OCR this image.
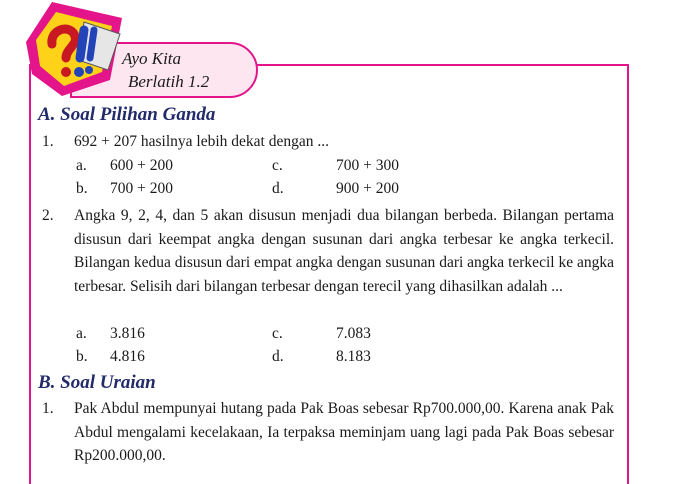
Ayo Kita
Berlatih 1.2
A. Soal Pilihan Ganda
1. 692 + 207 hasilnya lebih dekat dengan ...
a. 600 + 200	c.	700 + 300
b. 700 + 200	d.	900 + 200
2. Angka 9, 2, 4, dan 5 akan disusun menjadi dua bilangan berbeda. Bilangan pertama disusun dari keempat angka dengan susunan dari angka terbesar ke angka terkecil. Bilangan kedua disusun dari empat angka dengan susunan dari angka terkecil ke angka terbesar. Selisih dari bilangan terbesar dengan terecil yang dihasilkan adalah ...
a. 3.816	c.	7.083
b. 4.816	d.	8.183
B. Soal Uraian
1. Pak Abdul mempunyai hutang pada Pak Boas sebesar Rp700.000,00. Karena anak Pak Abdul mengalami kecelakaan, Ia terpaksa meminjam uang lagi pada Pak Boas sebesar Rp200.000,00.
